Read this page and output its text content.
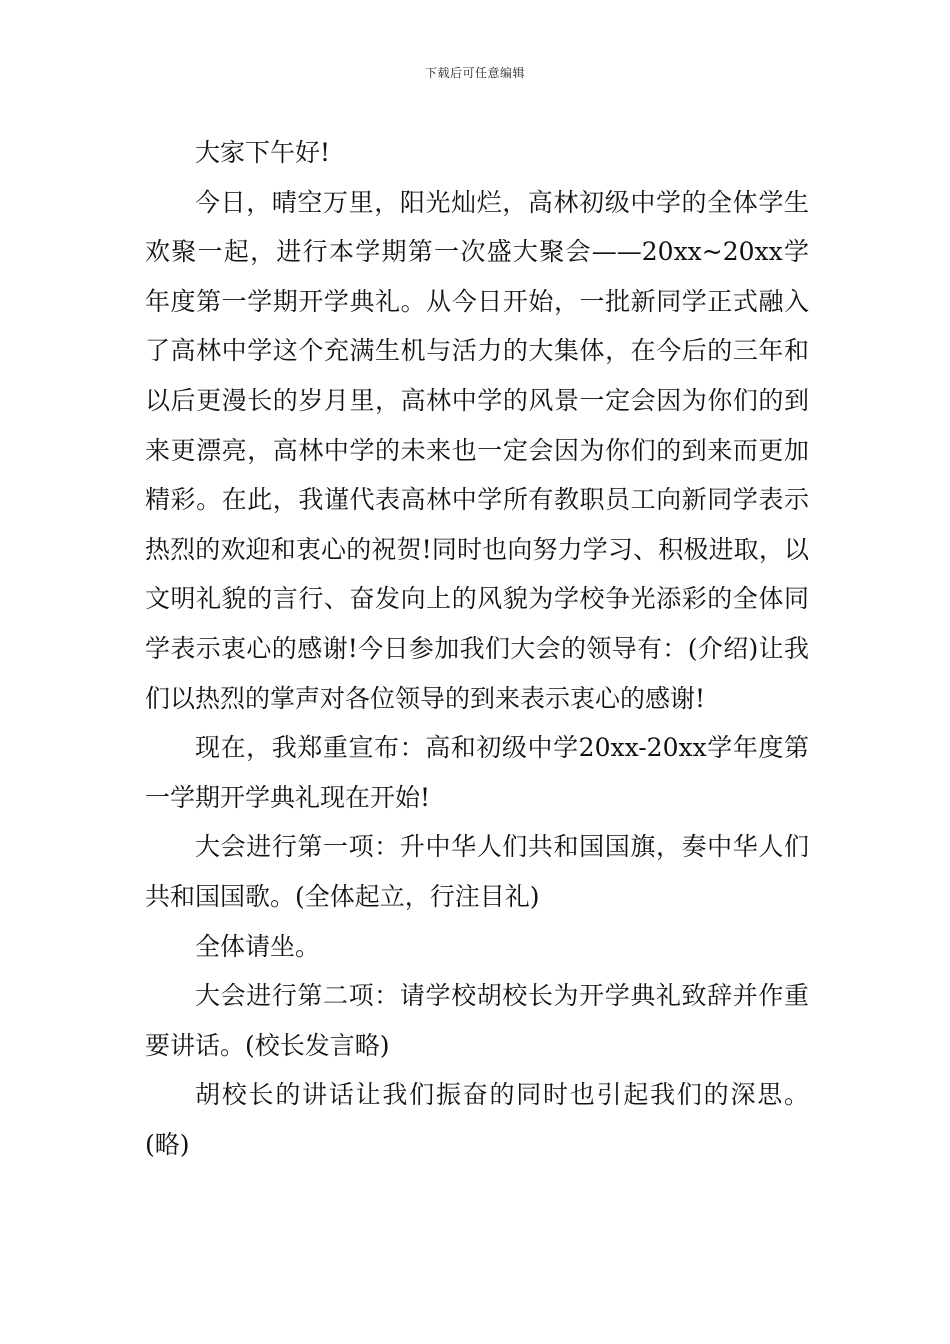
下载后可任意编辑

大家下午好!

今日，晴空万里，阳光灿烂，高林初级中学的全体学生欢聚一起，进行本学期第一次盛大聚会——20xx~20xx学年度第一学期开学典礼。从今日开始，一批新同学正式融入了高林中学这个充满生机与活力的大集体，在今后的三年和以后更漫长的岁月里，高林中学的风景一定会因为你们的到来更漂亮，高林中学的未来也一定会因为你们的到来而更加精彩。在此，我谨代表高林中学所有教职员工向新同学表示热烈的欢迎和衷心的祝贺!同时也向努力学习、积极进取，以文明礼貌的言行、奋发向上的风貌为学校争光添彩的全体同学表示衷心的感谢!今日参加我们大会的领导有：(介绍)让我们以热烈的掌声对各位领导的到来表示衷心的感谢!

现在，我郑重宣布：高和初级中学20xx-20xx学年度第一学期开学典礼现在开始!

大会进行第一项：升中华人们共和国国旗，奏中华人们共和国国歌。(全体起立，行注目礼)

全体请坐。

大会进行第二项：请学校胡校长为开学典礼致辞并作重要讲话。(校长发言略)

胡校长的讲话让我们振奋的同时也引起我们的深思。(略)
